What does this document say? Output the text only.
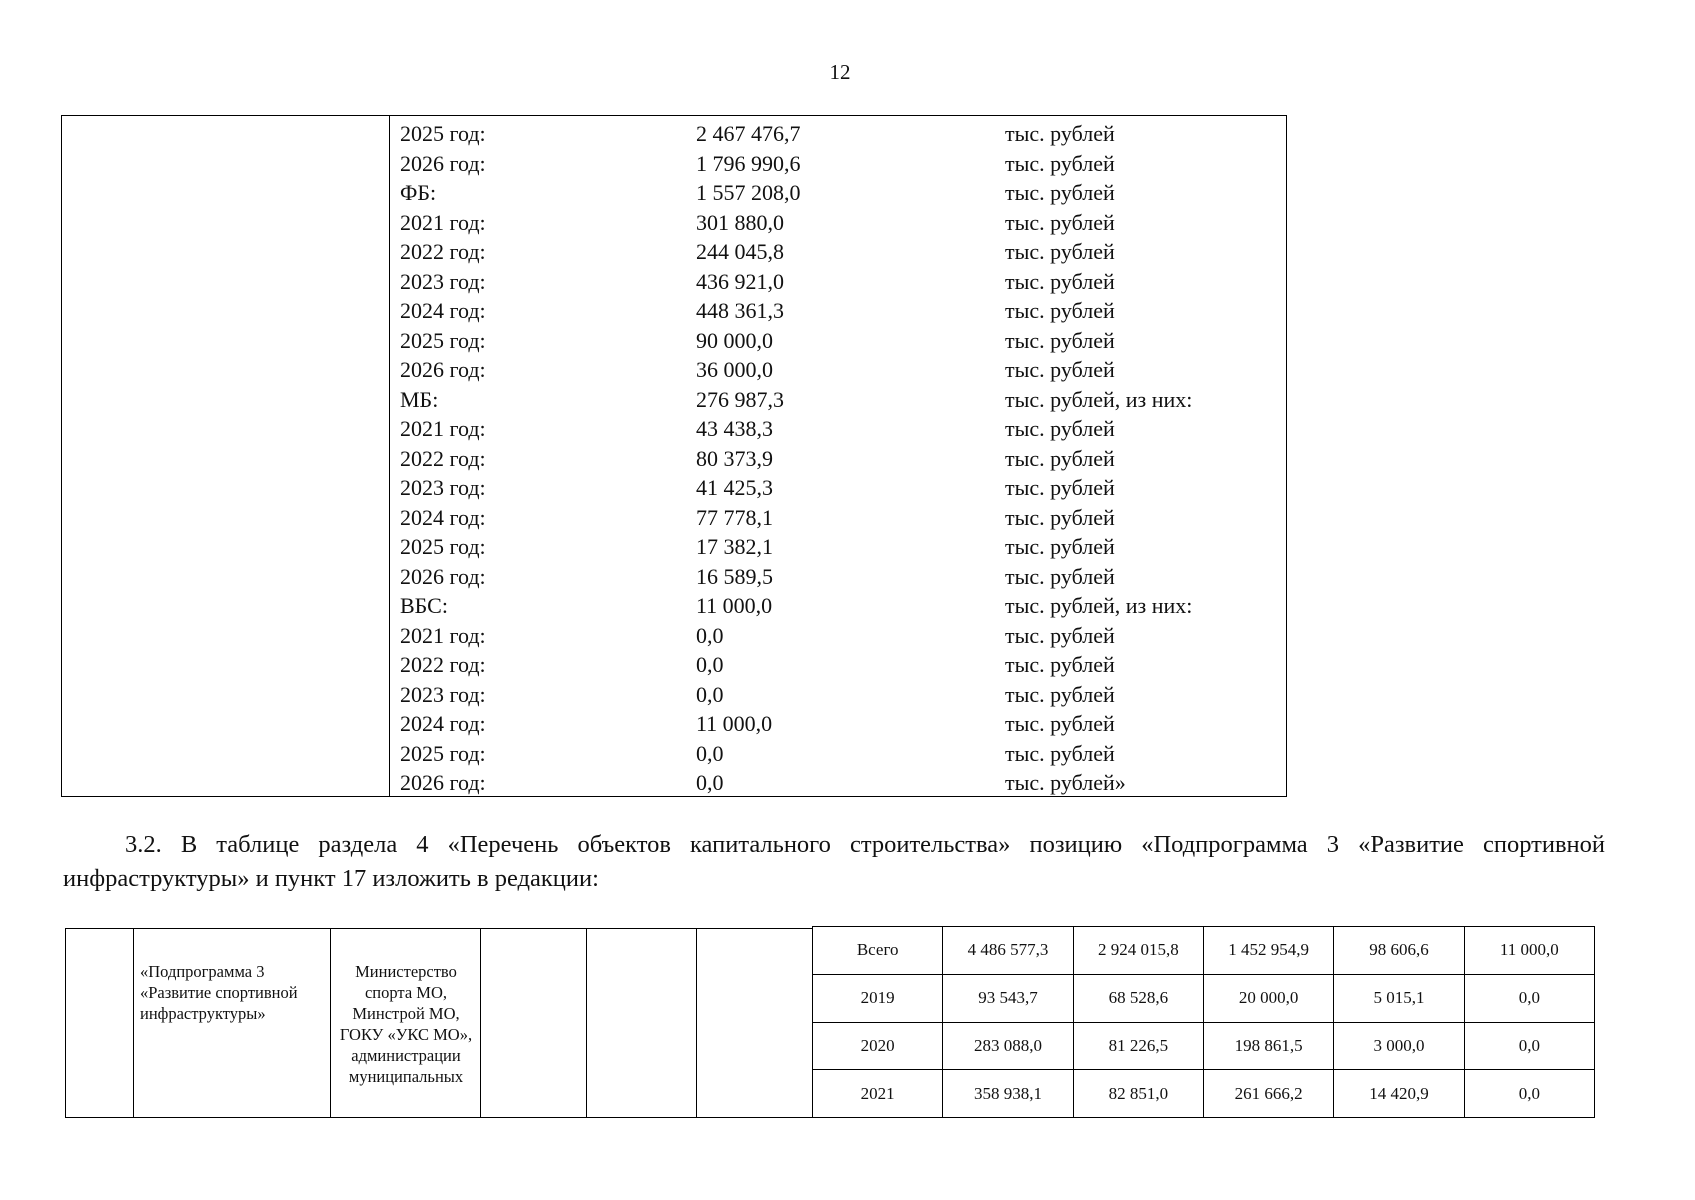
12
2025 год:	2 467 476,7	тыс. рублей
2026 год:	1 796 990,6	тыс. рублей
ФБ:	1 557 208,0	тыс. рублей
2021 год:	301 880,0	тыс. рублей
2022 год:	244 045,8	тыс. рублей
2023 год:	436 921,0	тыс. рублей
2024 год:	448 361,3	тыс. рублей
2025 год:	90 000,0	тыс. рублей
2026 год:	36 000,0	тыс. рублей
МБ:	276 987,3	тыс. рублей, из них:
2021 год:	43 438,3	тыс. рублей
2022 год:	80 373,9	тыс. рублей
2023 год:	41 425,3	тыс. рублей
2024 год:	77 778,1	тыс. рублей
2025 год:	17 382,1	тыс. рублей
2026 год:	16 589,5	тыс. рублей
ВБС:	11 000,0	тыс. рублей, из них:
2021 год:	0,0	тыс. рублей
2022 год:	0,0	тыс. рублей
2023 год:	0,0	тыс. рублей
2024 год:	11 000,0	тыс. рублей
2025 год:	0,0	тыс. рублей
2026 год:	0,0	тыс. рублей»
3.2. В таблице раздела 4 «Перечень объектов капитального строительства» позицию «Подпрограмма 3 «Развитие спортивной инфраструктуры» и пункт 17 изложить в редакции:
«Подпрограмма 3 «Развитие спортивной инфраструктуры»
Министерство спорта МО, Минстрой МО, ГОКУ «УКС МО», администрации муниципальных
Всего	4 486 577,3	2 924 015,8	1 452 954,9	98 606,6	11 000,0
2019	93 543,7	68 528,6	20 000,0	5 015,1	0,0
2020	283 088,0	81 226,5	198 861,5	3 000,0	0,0
2021	358 938,1	82 851,0	261 666,2	14 420,9	0,0
